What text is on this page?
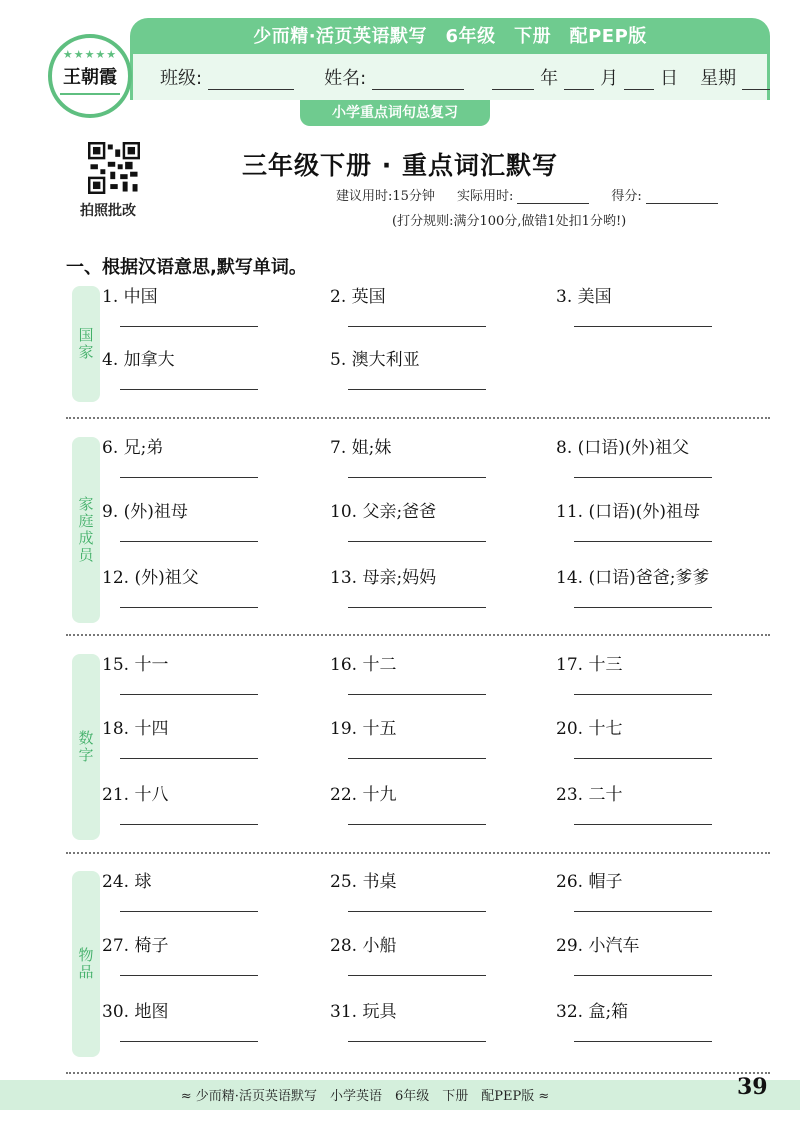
少而精·活页英语默写　6年级　下册　配PEP版
班级:	姓名:	年 月 日 星期
小学重点词句总复习
★★★★★
王朝霞
拍照批改
三年级下册 · 重点词汇默写
建议用时:15分钟 实际用时:	得分:
(打分规则:满分100分,做错1处扣1分哟!)
一、根据汉语意思,默写单词。
国家
1. 中国	2. 英国	3. 美国
4. 加拿大	5. 澳大利亚
家庭成员
6. 兄;弟	7. 姐;妹	8. (口语)(外)祖父
9. (外)祖母	10. 父亲;爸爸	11. (口语)(外)祖母
12. (外)祖父	13. 母亲;妈妈	14. (口语)爸爸;爹爹
数字
15. 十一	16. 十二	17. 十三
18. 十四	19. 十五	20. 十七
21. 十八	22. 十九	23. 二十
物品
24. 球	25. 书桌	26. 帽子
27. 椅子	28. 小船	29. 小汽车
30. 地图	31. 玩具	32. 盒;箱
≈ 少而精·活页英语默写　小学英语　6年级　下册　配PEP版 ≈	39
